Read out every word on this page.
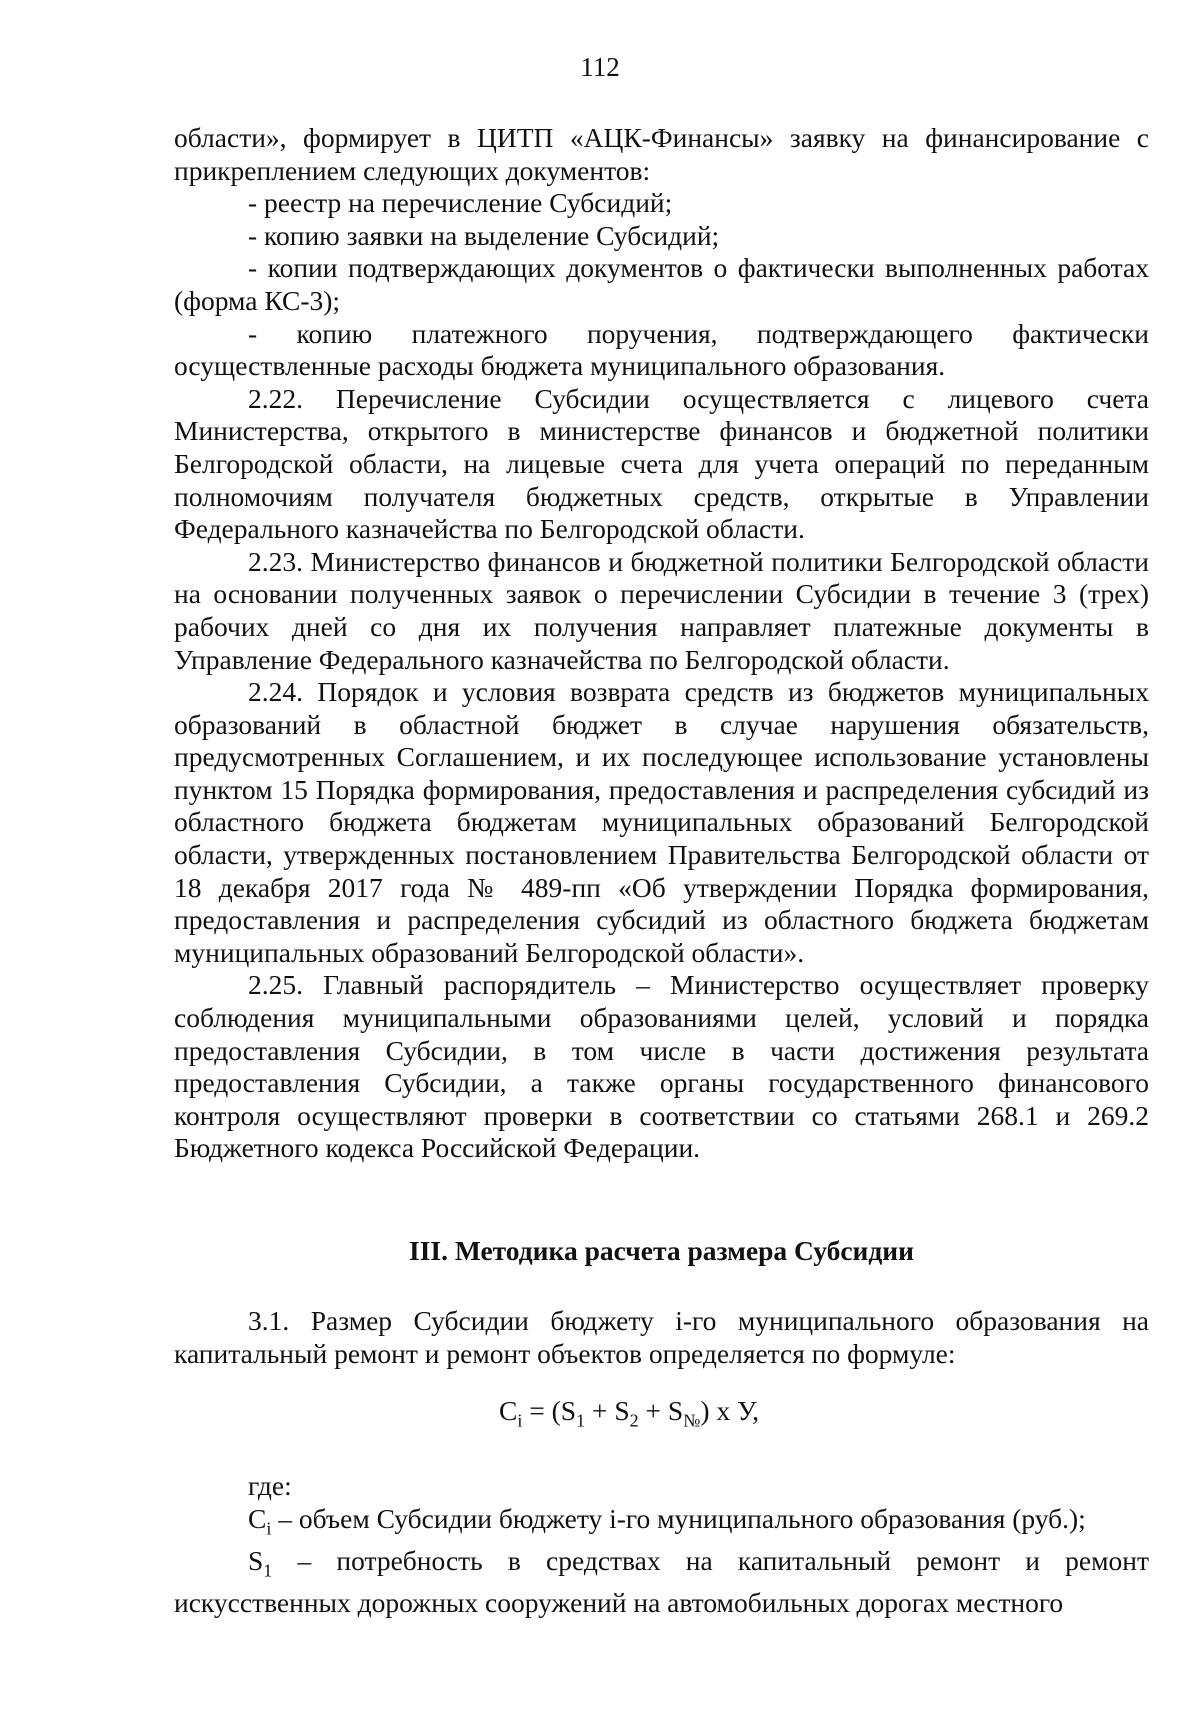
112

области», формирует в ЦИТП «АЦК-Финансы» заявку на финансирование с прикреплением следующих документов:

- реестр на перечисление Субсидий;

- копию заявки на выделение Субсидий;

- копии подтверждающих документов о фактически выполненных работах (форма КС-3);

- копию платежного поручения, подтверждающего фактически осуществленные расходы бюджета муниципального образования.

2.22. Перечисление Субсидии осуществляется с лицевого счета Министерства, открытого в министерстве финансов и бюджетной политики Белгородской области, на лицевые счета для учета операций по переданным полномочиям получателя бюджетных средств, открытые в Управлении Федерального казначейства по Белгородской области.

2.23. Министерство финансов и бюджетной политики Белгородской области на основании полученных заявок о перечислении Субсидии в течение 3 (трех) рабочих дней со дня их получения направляет платежные документы в Управление Федерального казначейства по Белгородской области.

2.24. Порядок и условия возврата средств из бюджетов муниципальных образований в областной бюджет в случае нарушения обязательств, предусмотренных Соглашением, и их последующее использование установлены пунктом 15 Порядка формирования, предоставления и распределения субсидий из областного бюджета бюджетам муниципальных образований Белгородской области, утвержденных постановлением Правительства Белгородской области от 18 декабря 2017 года № 489-пп «Об утверждении Порядка формирования, предоставления и распределения субсидий из областного бюджета бюджетам муниципальных образований Белгородской области».

2.25. Главный распорядитель – Министерство осуществляет проверку соблюдения муниципальными образованиями целей, условий и порядка предоставления Субсидии, в том числе в части достижения результата предоставления Субсидии, а также органы государственного финансового контроля осуществляют проверки в соответствии со статьями 268.1 и 269.2 Бюджетного кодекса Российской Федерации.

III. Методика расчета размера Субсидии

3.1. Размер Субсидии бюджету i-го муниципального образования на капитальный ремонт и ремонт объектов определяется по формуле:

$C_i = (S_1 + S_2 + S_№)$ x У,

где:

$C_i$ – объем Субсидии бюджету i-го муниципального образования (руб.);

$S_1$ – потребность в средствах на капитальный ремонт и ремонт искусственных дорожных сооружений на автомобильных дорогах местного
